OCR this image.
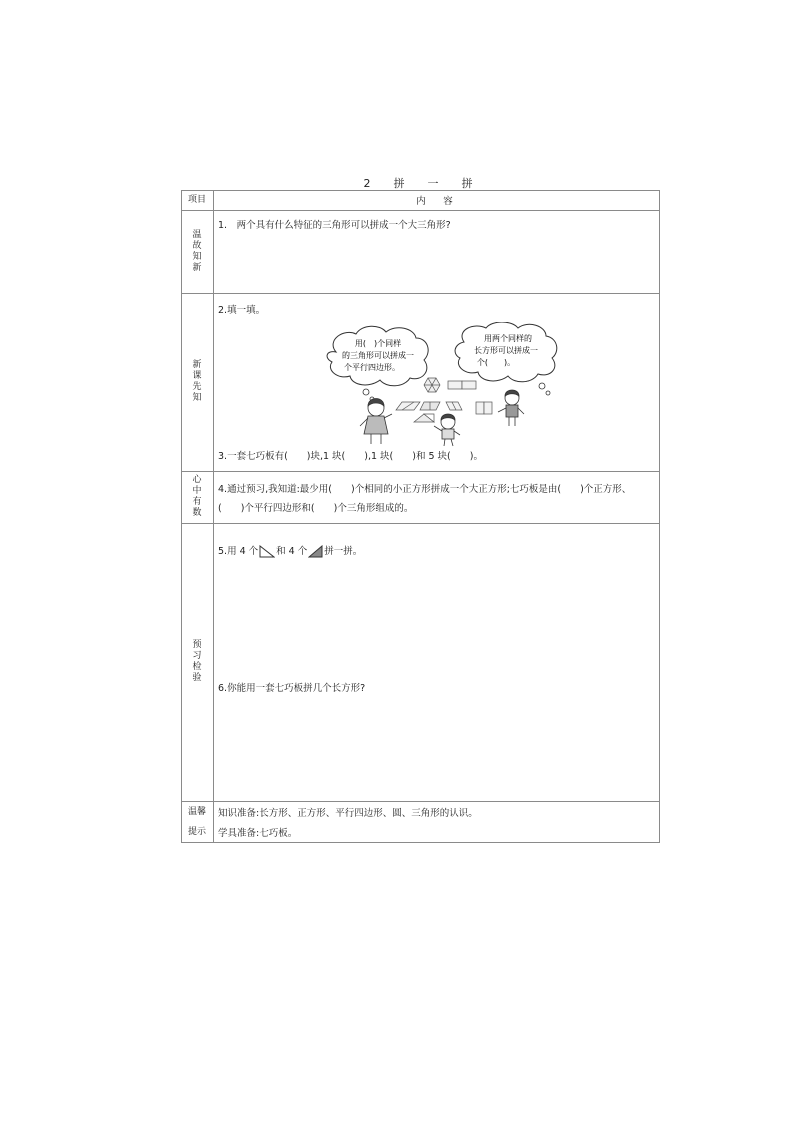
2　拼　一　拼
项目	内　容
温故知新
1.　两个具有什么特征的三角形可以拼成一个大三角形?
新课先知
2.填一填。
用(　)个同样
的三角形可以拼成一
个平行四边形。
用两个同样的
长方形可以拼成一
个(　　)。
3.一套七巧板有(　　)块,1 块(　　),1 块(　　)和 5 块(　　)。
心中有数
4.通过预习,我知道:最少用(　　)个相同的小正方形拼成一个大正方形;七巧板是由(　　)个正方形、(　　)个平行四边形和(　　)个三角形组成的。
预习检验
5.用 4 个 和 4 个 拼一拼。
6.你能用一套七巧板拼几个长方形?
温馨
提示
知识准备:长方形、正方形、平行四边形、圆、三角形的认识。
学具准备:七巧板。
